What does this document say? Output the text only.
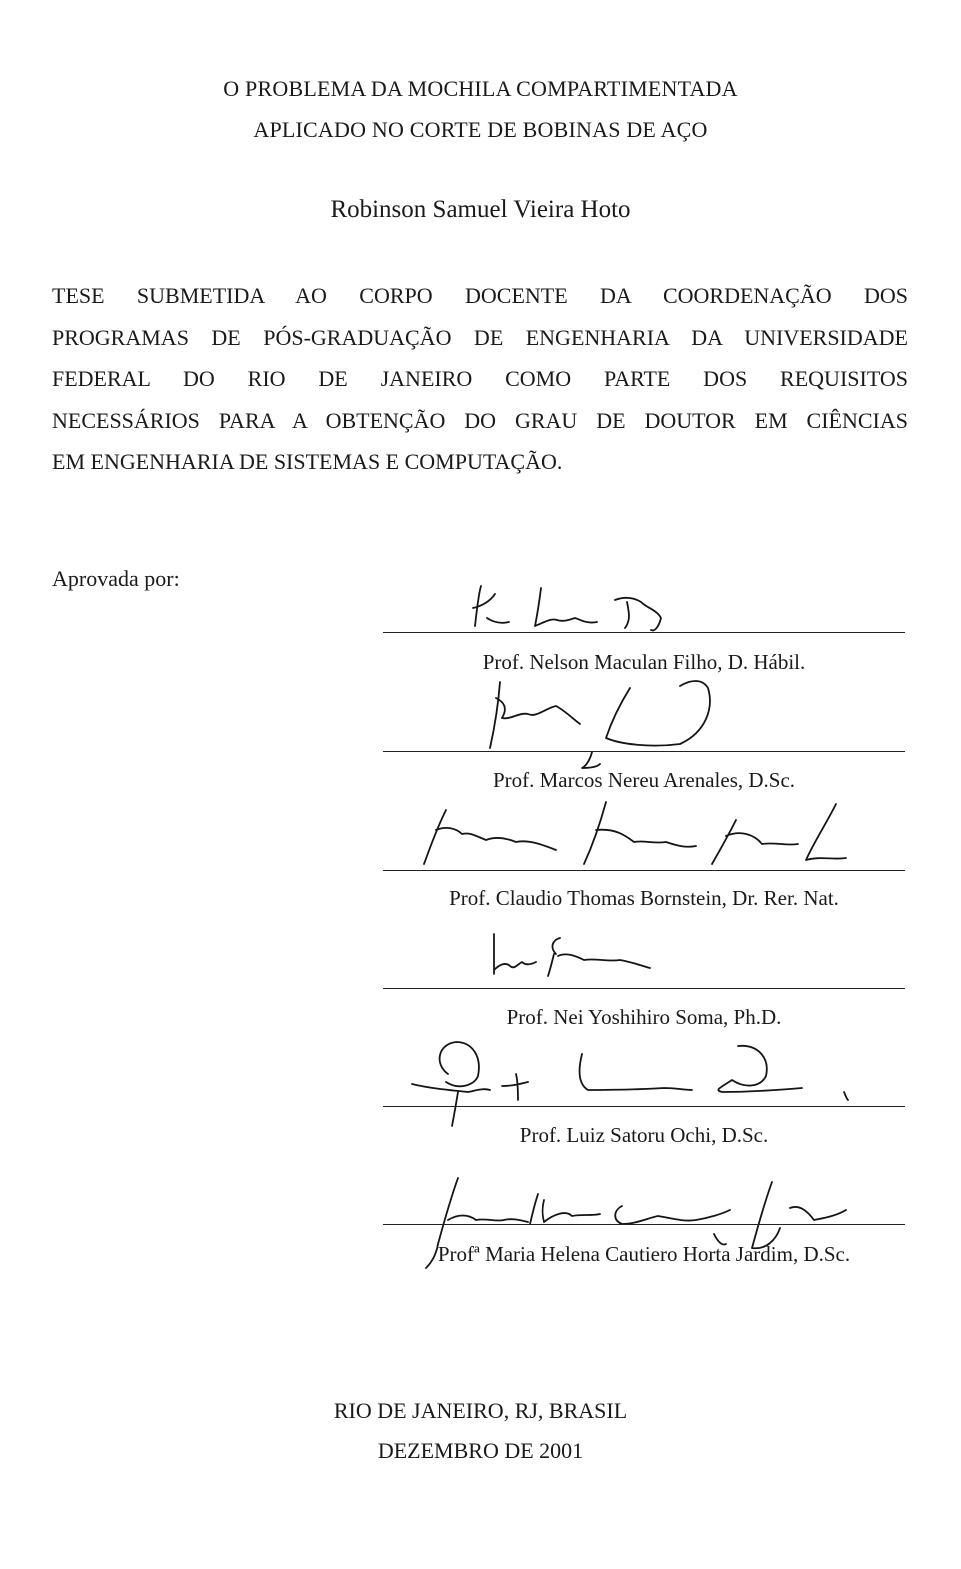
O PROBLEMA DA MOCHILA COMPARTIMENTADA
APLICADO NO CORTE DE BOBINAS DE AÇO
Robinson Samuel Vieira Hoto
TESE SUBMETIDA AO CORPO DOCENTE DA COORDENAÇÃO DOS
PROGRAMAS DE PÓS-GRADUAÇÃO DE ENGENHARIA DA UNIVERSIDADE
FEDERAL DO RIO DE JANEIRO COMO PARTE DOS REQUISITOS
NECESSÁRIOS PARA A OBTENÇÃO DO GRAU DE DOUTOR EM CIÊNCIAS
EM ENGENHARIA DE SISTEMAS E COMPUTAÇÃO.
Aprovada por:
Prof. Nelson Maculan Filho, D. Hábil.
Prof. Marcos Nereu Arenales, D.Sc.
Prof. Claudio Thomas Bornstein, Dr. Rer. Nat.
Prof. Nei Yoshihiro Soma, Ph.D.
Prof. Luiz Satoru Ochi, D.Sc.
Profª Maria Helena Cautiero Horta Jardim, D.Sc.
RIO DE JANEIRO, RJ, BRASIL
DEZEMBRO DE 2001
